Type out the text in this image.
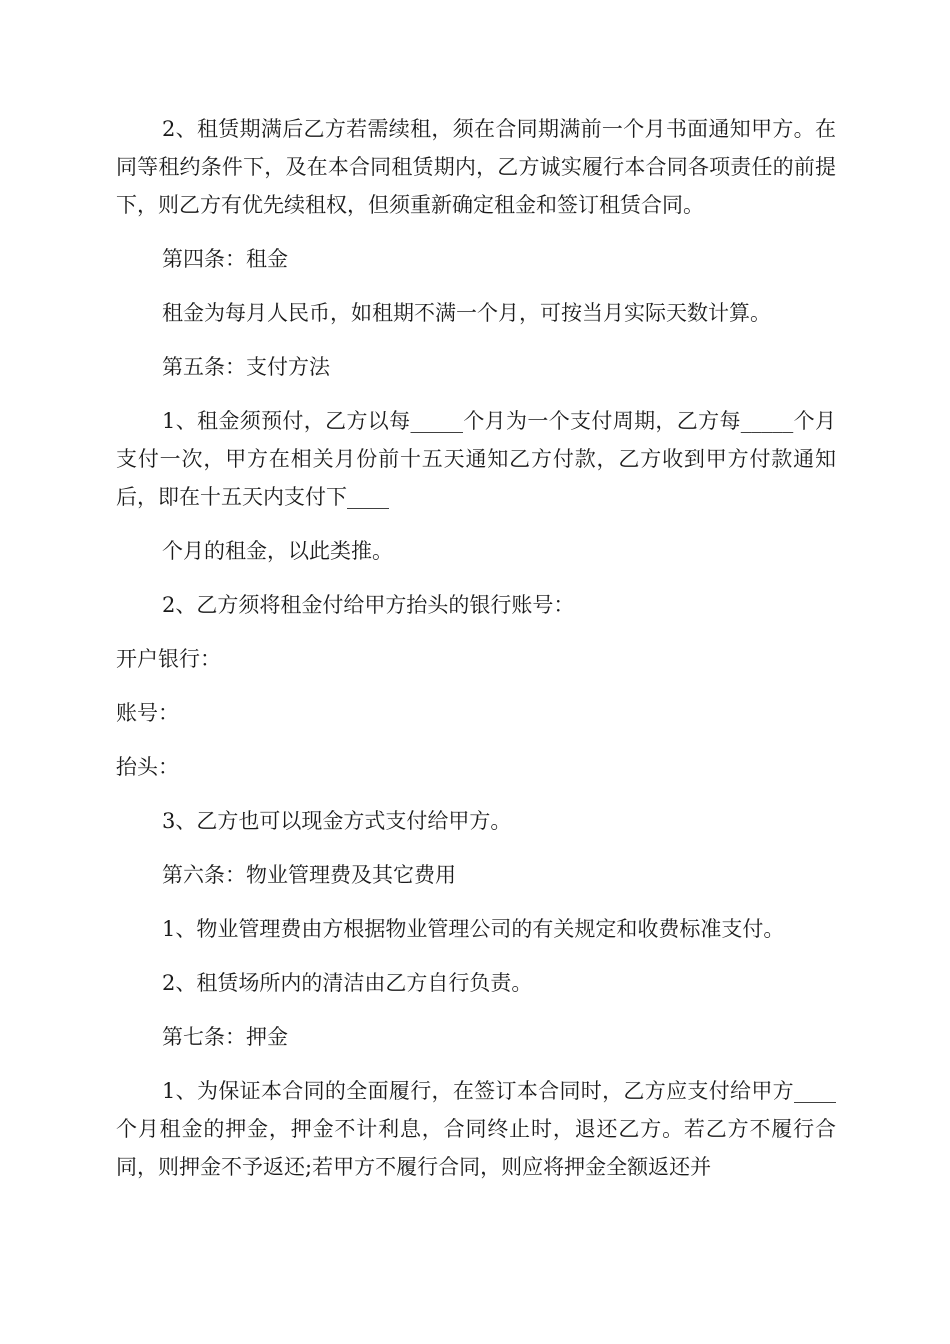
2、租赁期满后乙方若需续租，须在合同期满前一个月书面通知甲方。在同等租约条件下，及在本合同租赁期内，乙方诚实履行本合同各项责任的前提下，则乙方有优先续租权，但须重新确定租金和签订租赁合同。

第四条：租金

租金为每月人民币，如租期不满一个月，可按当月实际天数计算。

第五条：支付方法

1、租金须预付，乙方以每_____个月为一个支付周期，乙方每_____个月支付一次，甲方在相关月份前十五天通知乙方付款，乙方收到甲方付款通知后，即在十五天内支付下____

个月的租金，以此类推。

2、乙方须将租金付给甲方抬头的银行账号：

开户银行：

账号：

抬头：

3、乙方也可以现金方式支付给甲方。

第六条：物业管理费及其它费用

1、物业管理费由方根据物业管理公司的有关规定和收费标准支付。

2、租赁场所内的清洁由乙方自行负责。

第七条：押金

1、为保证本合同的全面履行，在签订本合同时，乙方应支付给甲方____个月租金的押金，押金不计利息，合同终止时，退还乙方。若乙方不履行合同，则押金不予返还;若甲方不履行合同，则应将押金全额返还并
